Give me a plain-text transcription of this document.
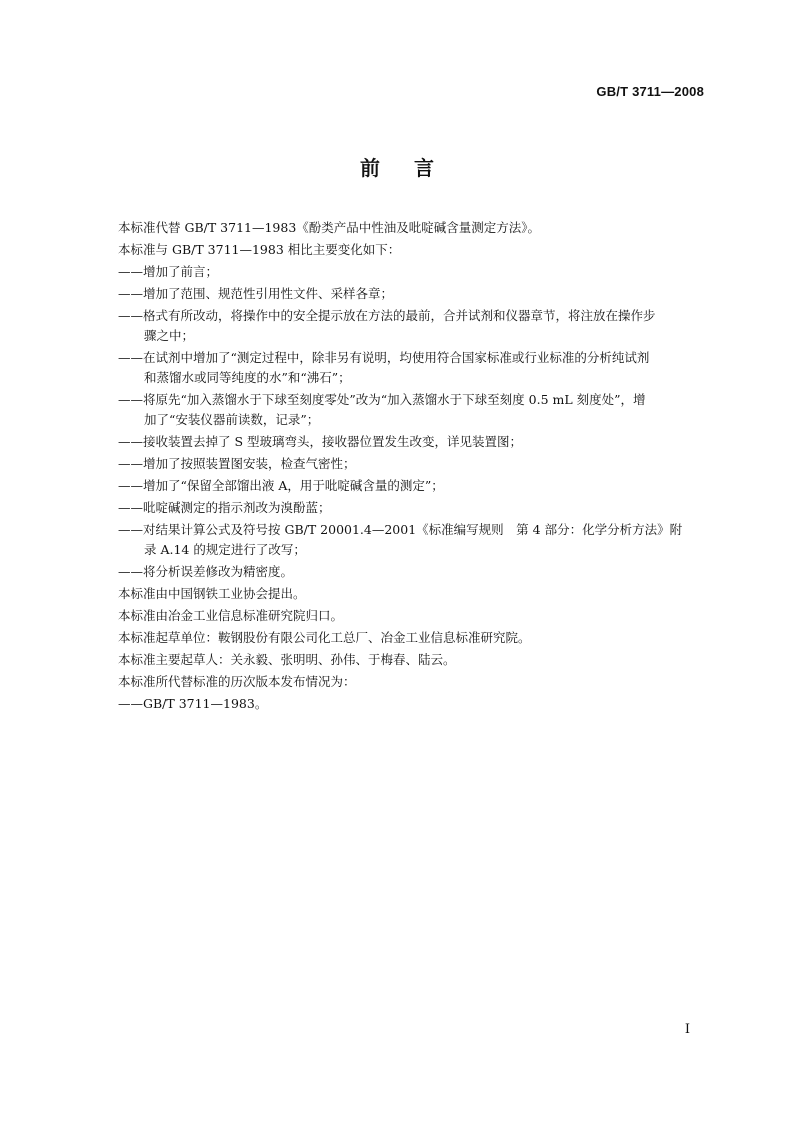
GB/T 3711—2008
前言
本标准代替 GB/T 3711—1983《酚类产品中性油及吡啶碱含量测定方法》。
本标准与 GB/T 3711—1983 相比主要变化如下：
——增加了前言；
——增加了范围、规范性引用性文件、采样各章；
——格式有所改动，将操作中的安全提示放在方法的最前，合并试剂和仪器章节，将注放在操作步
骤之中；
——在试剂中增加了“测定过程中，除非另有说明，均使用符合国家标准或行业标准的分析纯试剂
和蒸馏水或同等纯度的水”和“沸石”；
——将原先“加入蒸馏水于下球至刻度零处”改为“加入蒸馏水于下球至刻度 0.5 mL 刻度处”，增
加了“安装仪器前读数，记录”；
——接收装置去掉了 S 型玻璃弯头，接收器位置发生改变，详见装置图；
——增加了按照装置图安装，检查气密性；
——增加了“保留全部馏出液 A，用于吡啶碱含量的测定”；
——吡啶碱测定的指示剂改为溴酚蓝；
——对结果计算公式及符号按 GB/T 20001.4—2001《标准编写规则　第 4 部分：化学分析方法》附
录 A.14 的规定进行了改写；
——将分析误差修改为精密度。
本标准由中国钢铁工业协会提出。
本标准由冶金工业信息标准研究院归口。
本标准起草单位：鞍钢股份有限公司化工总厂、冶金工业信息标准研究院。
本标准主要起草人：关永毅、张明明、孙伟、于梅春、陆云。
本标准所代替标准的历次版本发布情况为：
——GB/T 3711—1983。
I
